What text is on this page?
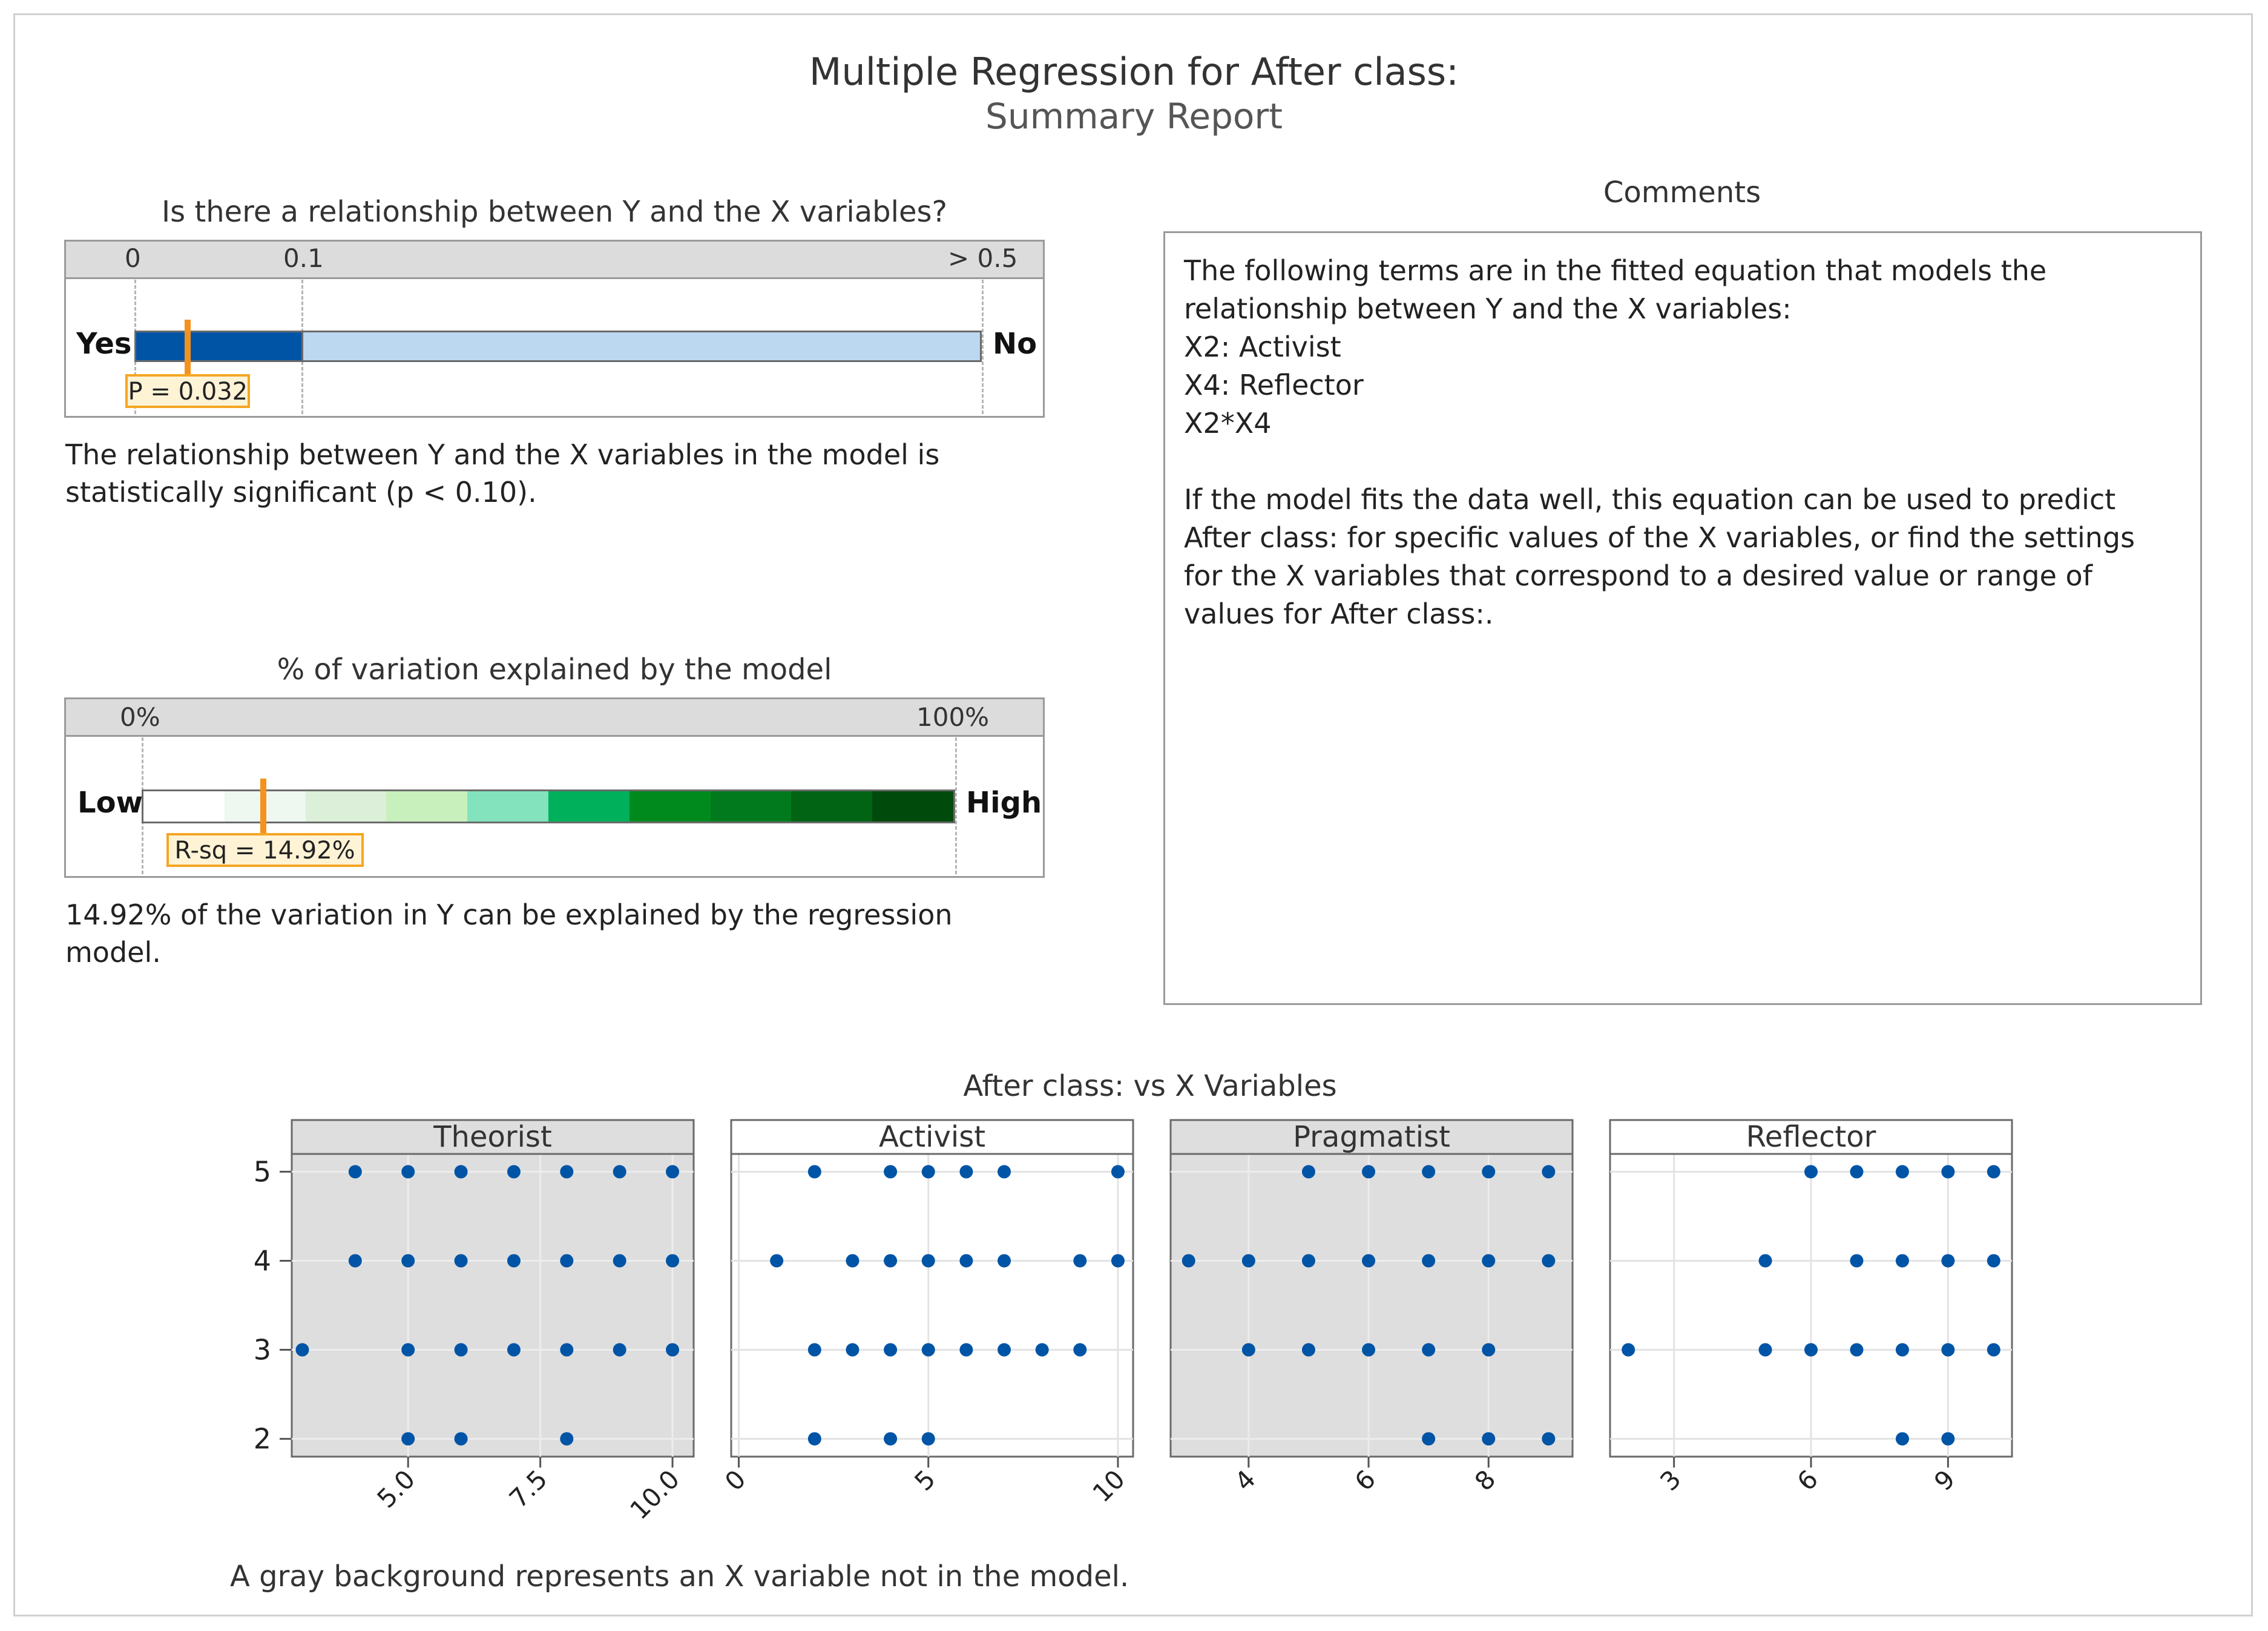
Multiple Regression for After class:
Summary Report
Is there a relationship between Y and the X variables?
0	0.1	> 0.5
Yes	No
P = 0.032
The relationship between Y and the X variables in the model is
statistically significant (p < 0.10).
% of variation explained by the model
0%	100%
Low	High
R-sq = 14.92%
14.92% of the variation in Y can be explained by the regression
model.
Comments
The following terms are in the fitted equation that models the
relationship between Y and the X variables:
X2: Activist
X4: Reflector
X2*X4
If the model fits the data well, this equation can be used to predict
After class: for specific values of the X variables, or find the settings
for the X variables that correspond to a desired value or range of
values for After class:.
After class: vs X Variables
A gray background represents an X variable not in the model.
2
3
4
5
Theorist
5.0	7.5	10.0
Activist
0	5	10
Pragmatist
4	6	8
Reflector
3	6	9
